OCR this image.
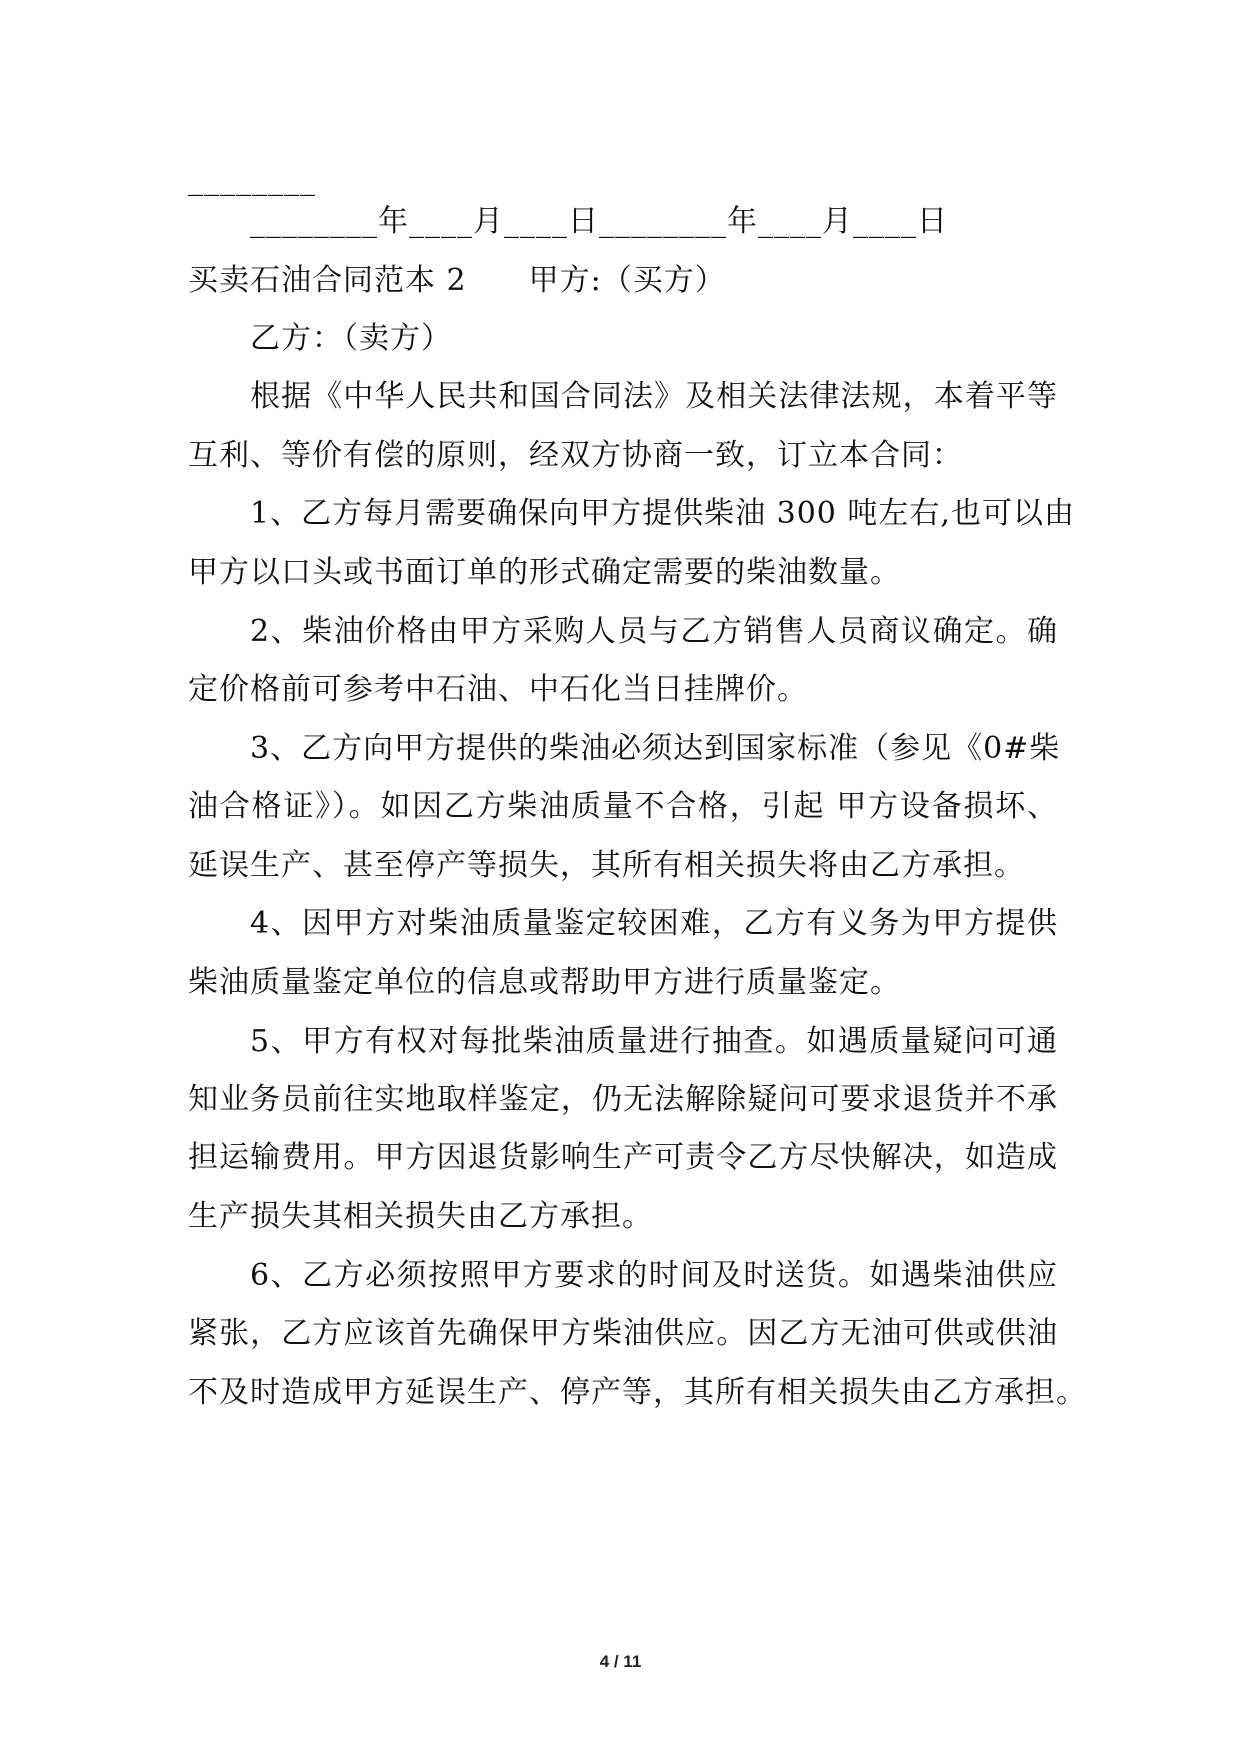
________
________年____月____日________年____月____日
买卖石油合同范本 2　　甲方:（买方）
乙方：（卖方）
根据《中华人民共和国合同法》及相关法律法规，本着平等
互利、等价有偿的原则，经双方协商一致，订立本合同：
1、乙方每月需要确保向甲方提供柴油 300 吨左右,也可以由
甲方以口头或书面订单的形式确定需要的柴油数量。
2、柴油价格由甲方采购人员与乙方销售人员商议确定。确
定价格前可参考中石油、中石化当日挂牌价。
3、乙方向甲方提供的柴油必须达到国家标准（参见《0#柴
油合格证》）。如因乙方柴油质量不合格，引起 甲方设备损坏、
延误生产、甚至停产等损失，其所有相关损失将由乙方承担。
4、因甲方对柴油质量鉴定较困难，乙方有义务为甲方提供
柴油质量鉴定单位的信息或帮助甲方进行质量鉴定。
5、甲方有权对每批柴油质量进行抽查。如遇质量疑问可通
知业务员前往实地取样鉴定，仍无法解除疑问可要求退货并不承
担运输费用。甲方因退货影响生产可责令乙方尽快解决，如造成
生产损失其相关损失由乙方承担。
6、乙方必须按照甲方要求的时间及时送货。如遇柴油供应
紧张，乙方应该首先确保甲方柴油供应。因乙方无油可供或供油
不及时造成甲方延误生产、停产等，其所有相关损失由乙方承担。
4 / 11
